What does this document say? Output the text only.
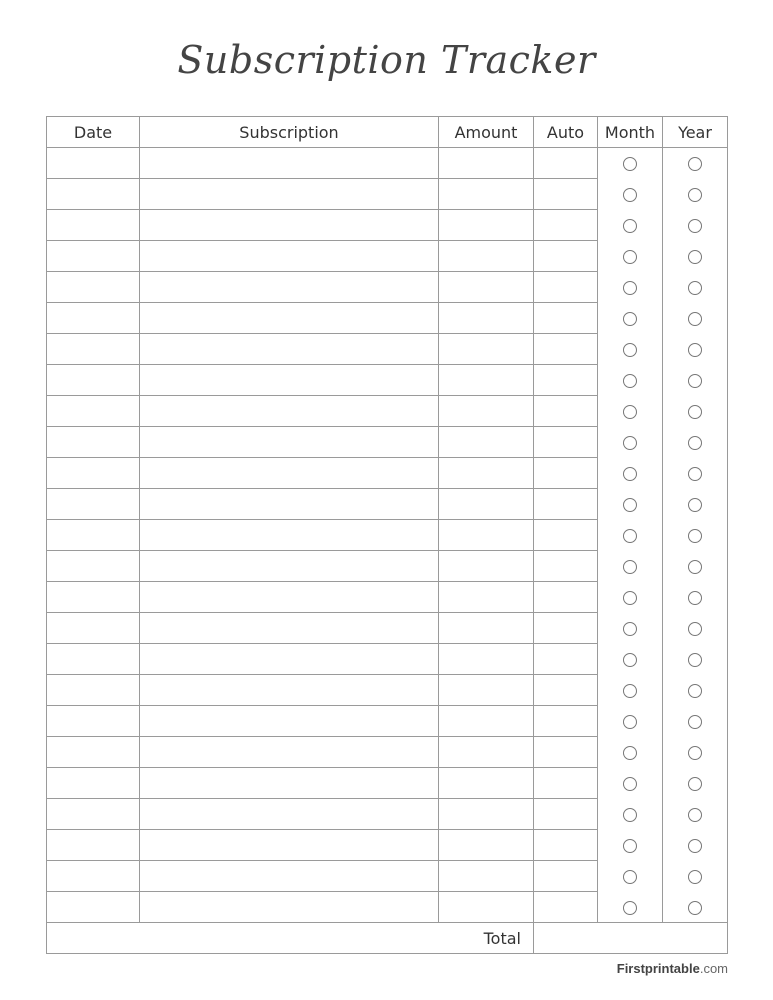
Subscription Tracker
Date	Subscription	Amount	Auto	Month	Year

Total					
Firstprintable.com
